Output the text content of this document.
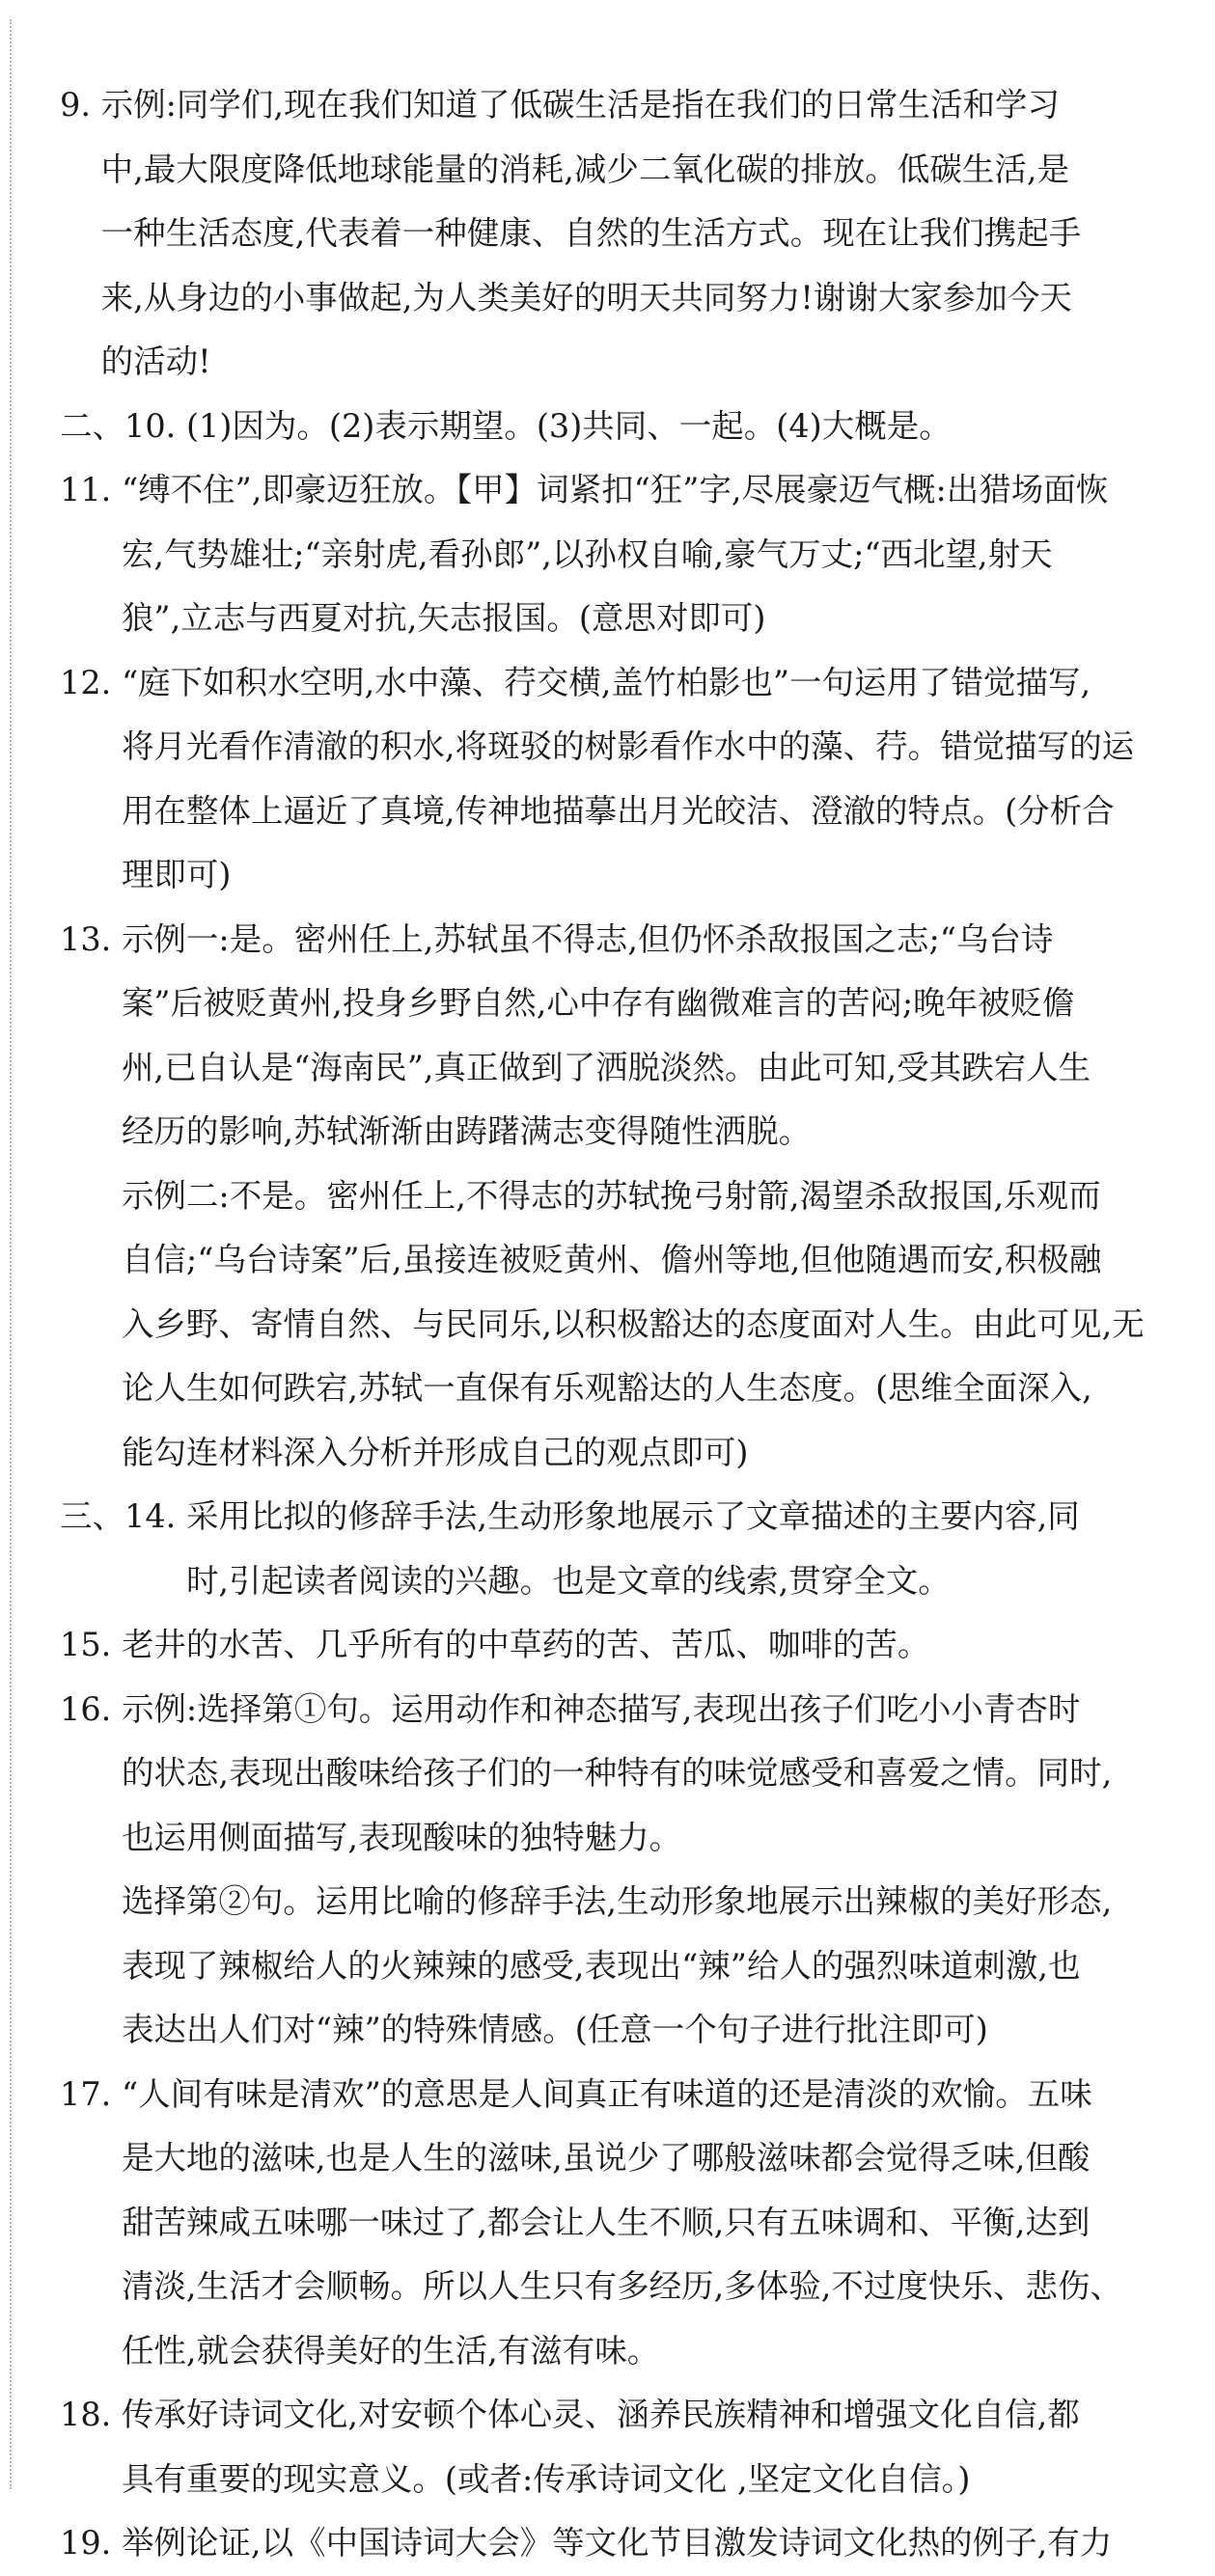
9. 示例:同学们,现在我们知道了低碳生活是指在我们的日常生活和学习
中,最大限度降低地球能量的消耗,减少二氧化碳的排放。低碳生活,是
一种生活态度,代表着一种健康、自然的生活方式。现在让我们携起手
来,从身边的小事做起,为人类美好的明天共同努力!谢谢大家参加今天
的活动!
二、10. (1)因为。(2)表示期望。(3)共同、一起。(4)大概是。
11. “缚不住”,即豪迈狂放。【甲】词紧扣“狂”字,尽展豪迈气概:出猎场面恢
宏,气势雄壮;“亲射虎,看孙郎”,以孙权自喻,豪气万丈;“西北望,射天
狼”,立志与西夏对抗,矢志报国。(意思对即可)
12. “庭下如积水空明,水中藻、荇交横,盖竹柏影也”一句运用了错觉描写,
将月光看作清澈的积水,将斑驳的树影看作水中的藻、荇。错觉描写的运
用在整体上逼近了真境,传神地描摹出月光皎洁、澄澈的特点。(分析合
理即可)
13. 示例一:是。密州任上,苏轼虽不得志,但仍怀杀敌报国之志;“乌台诗
案”后被贬黄州,投身乡野自然,心中存有幽微难言的苦闷;晚年被贬儋
州,已自认是“海南民”,真正做到了洒脱淡然。由此可知,受其跌宕人生
经历的影响,苏轼渐渐由踌躇满志变得随性洒脱。
示例二:不是。密州任上,不得志的苏轼挽弓射箭,渴望杀敌报国,乐观而
自信;“乌台诗案”后,虽接连被贬黄州、儋州等地,但他随遇而安,积极融
入乡野、寄情自然、与民同乐,以积极豁达的态度面对人生。由此可见,无
论人生如何跌宕,苏轼一直保有乐观豁达的人生态度。(思维全面深入,
能勾连材料深入分析并形成自己的观点即可)
三、14. 采用比拟的修辞手法,生动形象地展示了文章描述的主要内容,同
时,引起读者阅读的兴趣。也是文章的线索,贯穿全文。
15. 老井的水苦、几乎所有的中草药的苦、苦瓜、咖啡的苦。
16. 示例:选择第①句。运用动作和神态描写,表现出孩子们吃小小青杏时
的状态,表现出酸味给孩子们的一种特有的味觉感受和喜爱之情。同时,
也运用侧面描写,表现酸味的独特魅力。
选择第②句。运用比喻的修辞手法,生动形象地展示出辣椒的美好形态,
表现了辣椒给人的火辣辣的感受,表现出“辣”给人的强烈味道刺激,也
表达出人们对“辣”的特殊情感。(任意一个句子进行批注即可)
17. “人间有味是清欢”的意思是人间真正有味道的还是清淡的欢愉。五味
是大地的滋味,也是人生的滋味,虽说少了哪般滋味都会觉得乏味,但酸
甜苦辣咸五味哪一味过了,都会让人生不顺,只有五味调和、平衡,达到
清淡,生活才会顺畅。所以人生只有多经历,多体验,不过度快乐、悲伤、
任性,就会获得美好的生活,有滋有味。
18. 传承好诗词文化,对安顿个体心灵、涵养民族精神和增强文化自信,都
具有重要的现实意义。(或者:传承诗词文化 ,坚定文化自信。)
19. 举例论证,以《中国诗词大会》等文化节目激发诗词文化热的例子,有力
